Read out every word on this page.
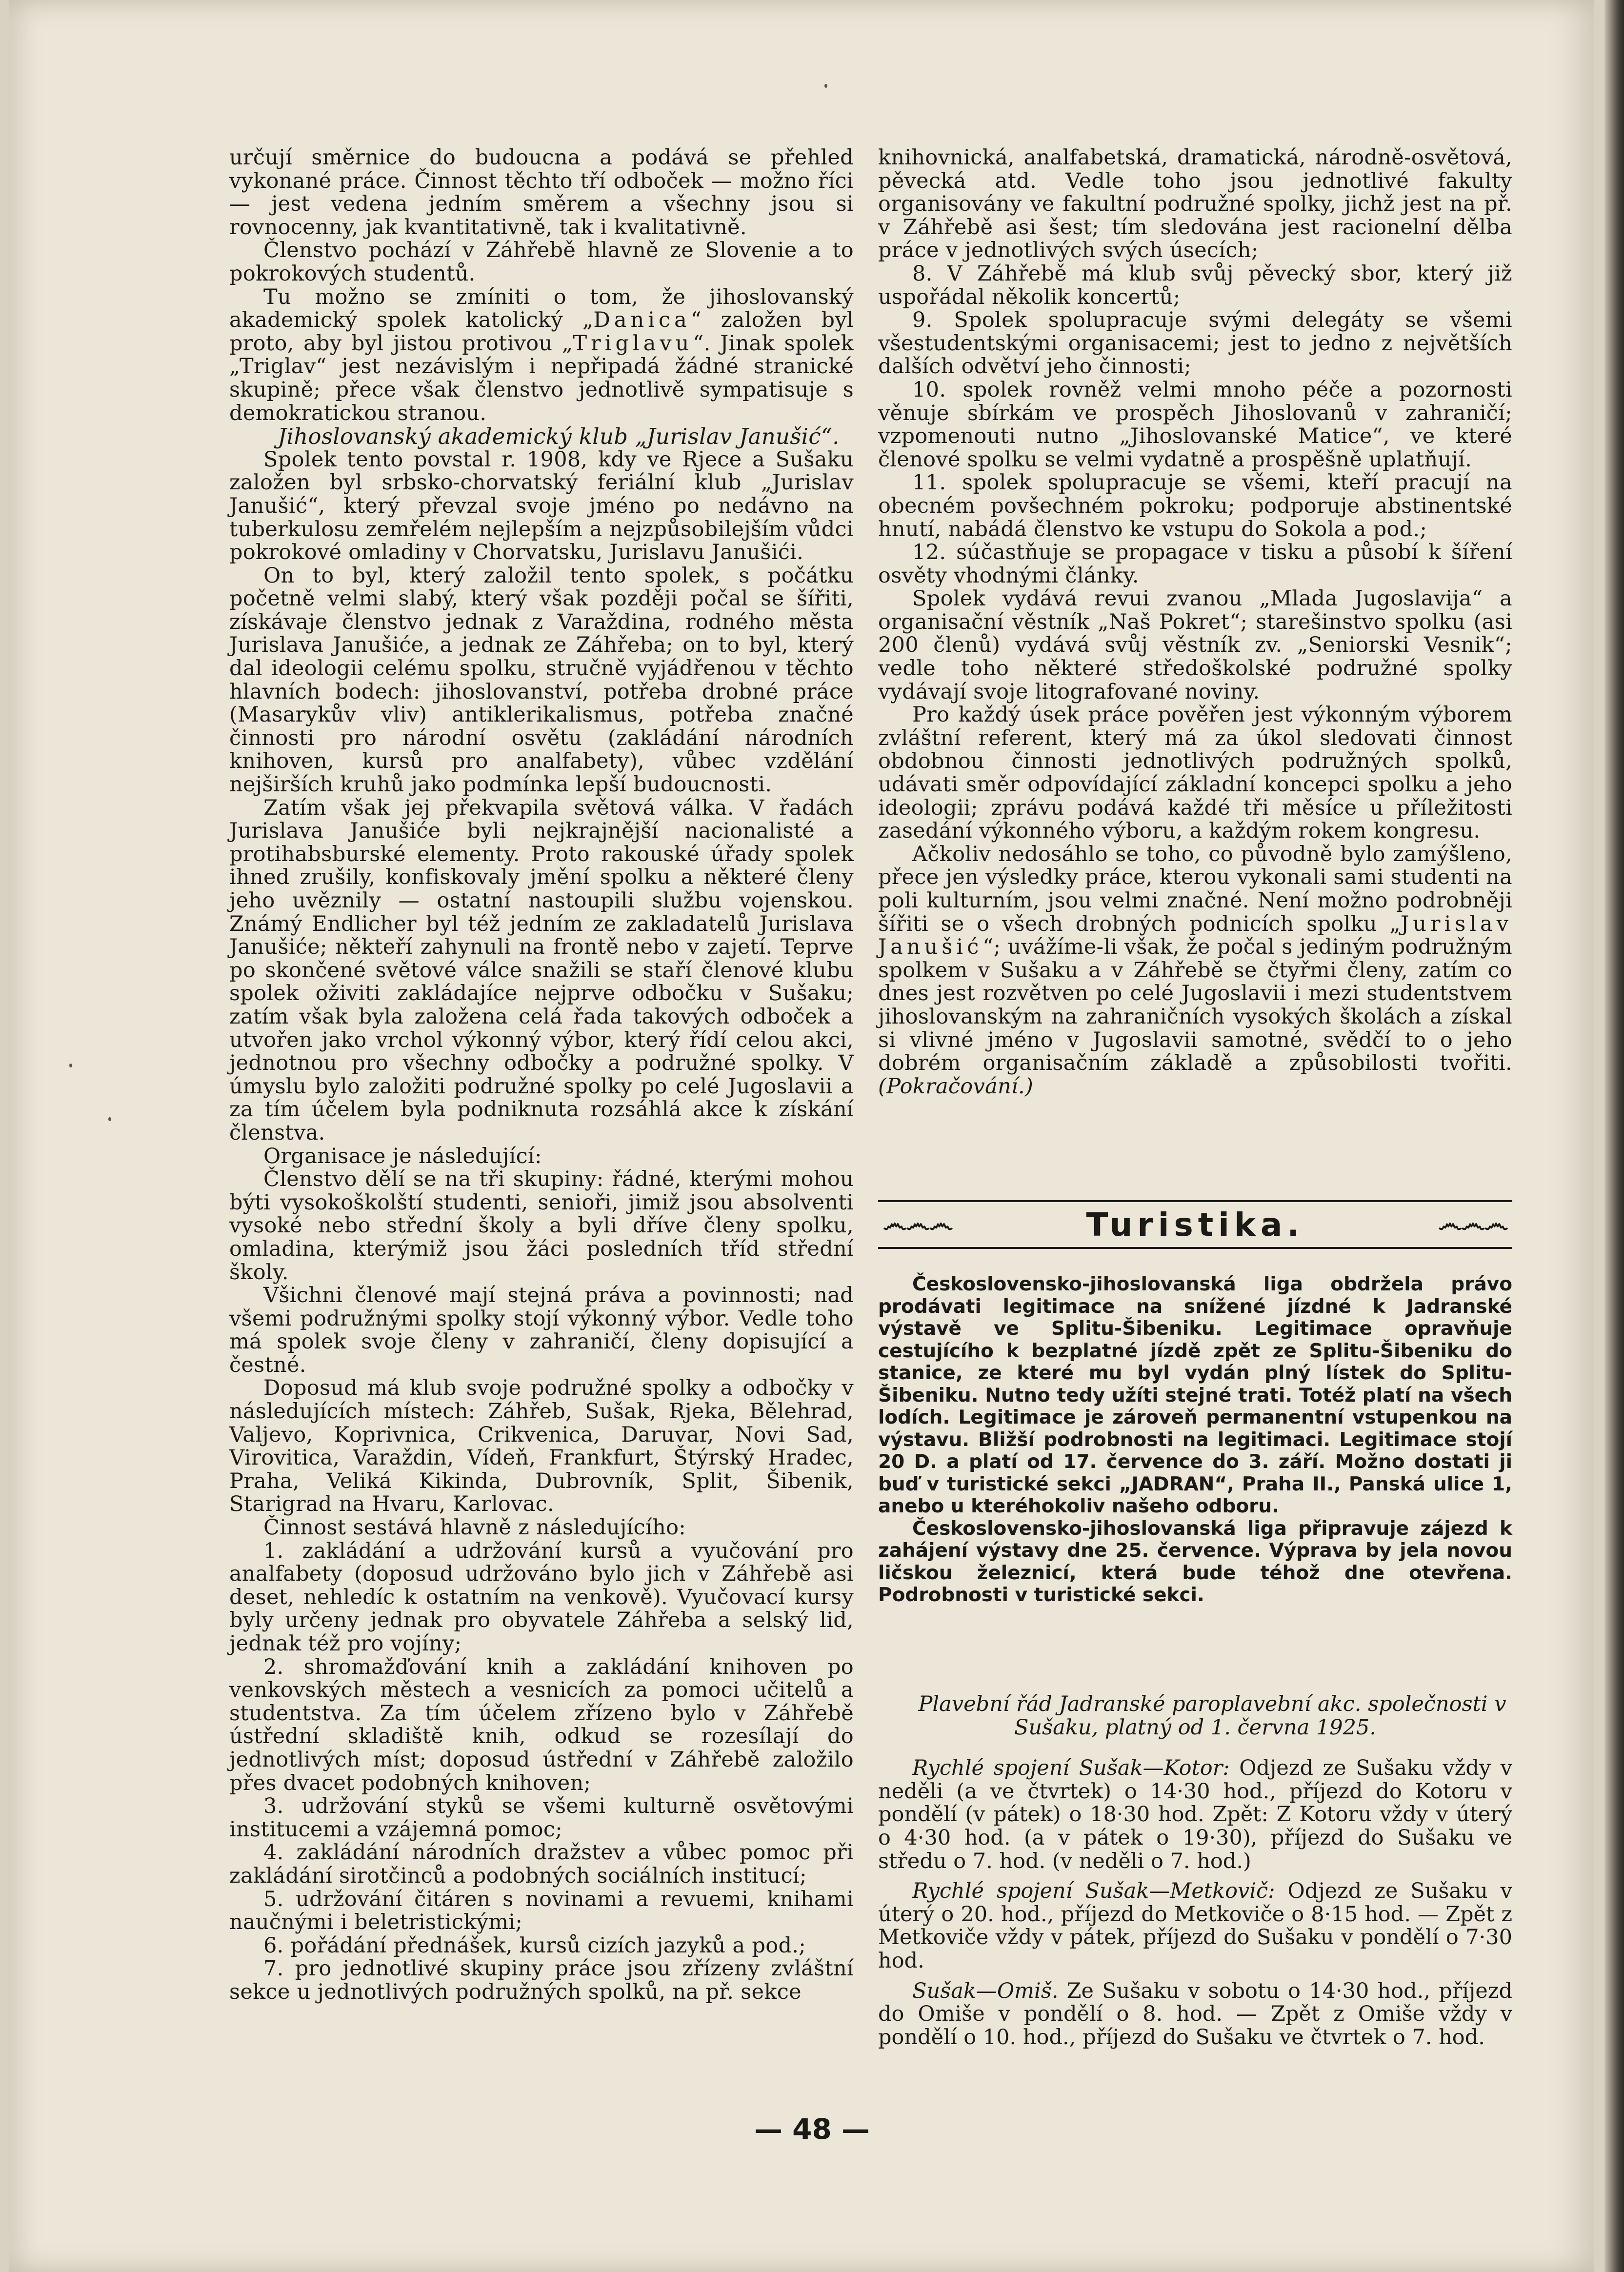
určují směrnice do budoucna a podává se přehled vykonané práce. Činnost těchto tří odboček — možno říci — jest vedena jedním směrem a všechny jsou si rovnocenny, jak kvantitativně, tak i kvalitativně.

Členstvo pochází v Záhřebě hlavně ze Slovenie a to pokrokových studentů.

Tu možno se zmíniti o tom, že jihoslovanský akademický spolek katolický „Danica“ založen byl proto, aby byl jistou protivou „Triglavu“. Jinak spolek „Triglav“ jest nezávislým i nepřipadá žádné stranické skupině; přece však členstvo jednotlivě sympatisuje s demokratickou stranou.

Jihoslovanský akademický klub „Jurislav Janušić“.

Spolek tento povstal r. 1908, kdy ve Rjece a Sušaku založen byl srbsko-chorvatský feriální klub „Jurislav Janušić“, který převzal svoje jméno po nedávno na tuberkulosu zemřelém nejlepším a nejzpůsobilejším vůdci pokrokové omladiny v Chorvatsku, Jurislavu Janušići.

On to byl, který založil tento spolek, s počátku početně velmi slabý, který však později počal se šířiti, získávaje členstvo jednak z Varaždina, rodného města Jurislava Janušiće, a jednak ze Záhřeba; on to byl, který dal ideologii celému spolku, stručně vyjádřenou v těchto hlavních bodech: jihoslovanství, potřeba drobné práce (Masarykův vliv) antiklerikalismus, potřeba značné činnosti pro národní osvětu (zakládání národních knihoven, kursů pro analfabety), vůbec vzdělání nejširších kruhů jako podmínka lepší budoucnosti.

Zatím však jej překvapila světová válka. V řadách Jurislava Janušiće byli nejkrajnější nacionalisté a protihabsburské elementy. Proto rakouské úřady spolek ihned zrušily, konfiskovaly jmění spolku a některé členy jeho uvěznily — ostatní nastoupili službu vojenskou. Známý Endlicher byl též jedním ze zakladatelů Jurislava Janušiće; někteří zahynuli na frontě nebo v zajetí. Teprve po skončené světové válce snažili se staří členové klubu spolek oživiti zakládajíce nejprve odbočku v Sušaku; zatím však byla založena celá řada takových odboček a utvořen jako vrchol výkonný výbor, který řídí celou akci, jednotnou pro všechny odbočky a podružné spolky. V úmyslu bylo založiti podružné spolky po celé Jugoslavii a za tím účelem byla podniknuta rozsáhlá akce k získání členstva.

Organisace je následující:

Členstvo dělí se na tři skupiny: řádné, kterými mohou býti vysokoškolští studenti, senioři, jimiž jsou absolventi vysoké nebo střední školy a byli dříve členy spolku, omladina, kterýmiž jsou žáci posledních tříd střední školy.

Všichni členové mají stejná práva a povinnosti; nad všemi podružnými spolky stojí výkonný výbor. Vedle toho má spolek svoje členy v zahraničí, členy dopisující a čestné.

Doposud má klub svoje podružné spolky a odbočky v následujících místech: Záhřeb, Sušak, Rjeka, Bělehrad, Valjevo, Koprivnica, Crikvenica, Daruvar, Novi Sad, Virovitica, Varaždin, Vídeň, Frankfurt, Štýrský Hradec, Praha, Veliká Kikinda, Dubrovník, Split, Šibenik, Starigrad na Hvaru, Karlovac.

Činnost sestává hlavně z následujícího:

1. zakládání a udržování kursů a vyučování pro analfabety (doposud udržováno bylo jich v Záhřebě asi deset, nehledíc k ostatním na venkově). Vyučovací kursy byly určeny jednak pro obyvatele Záhřeba a selský lid, jednak též pro vojíny;

2. shromažďování knih a zakládání knihoven po venkovských městech a vesnicích za pomoci učitelů a studentstva. Za tím účelem zřízeno bylo v Záhřebě ústřední skladiště knih, odkud se rozesílají do jednotlivých míst; doposud ústřední v Záhřebě založilo přes dvacet podobných knihoven;

3. udržování styků se všemi kulturně osvětovými institucemi a vzájemná pomoc;

4. zakládání národních dražstev a vůbec pomoc při zakládání sirotčinců a podobných sociálních institucí;

5. udržování čitáren s novinami a revuemi, knihami naučnými i beletristickými;

6. pořádání přednášek, kursů cizích jazyků a pod.;

7. pro jednotlivé skupiny práce jsou zřízeny zvláštní sekce u jednotlivých podružných spolků, na př. sekce

knihovnická, analfabetská, dramatická, národně-osvětová, pěvecká atd. Vedle toho jsou jednotlivé fakulty organisovány ve fakultní podružné spolky, jichž jest na př. v Záhřebě asi šest; tím sledována jest racionelní dělba práce v jednotlivých svých úsecích;

8. V Záhřebě má klub svůj pěvecký sbor, který již uspořádal několik koncertů;

9. Spolek spolupracuje svými delegáty se všemi všestudentskými organisacemi; jest to jedno z největších dalších odvětví jeho činnosti;

10. spolek rovněž velmi mnoho péče a pozornosti věnuje sbírkám ve prospěch Jihoslovanů v zahraničí; vzpomenouti nutno „Jihoslovanské Matice“, ve které členové spolku se velmi vydatně a prospěšně uplatňují.

11. spolek spolupracuje se všemi, kteří pracují na obecném povšechném pokroku; podporuje abstinentské hnutí, nabádá členstvo ke vstupu do Sokola a pod.;

12. súčastňuje se propagace v tisku a působí k šíření osvěty vhodnými články.

Spolek vydává revui zvanou „Mlada Jugoslavija“ a organisační věstník „Naš Pokret“; starešinstvo spolku (asi 200 členů) vydává svůj věstník zv. „Seniorski Vesnik“; vedle toho některé středoškolské podružné spolky vydávají svoje litografované noviny.

Pro každý úsek práce pověřen jest výkonným výborem zvláštní referent, který má za úkol sledovati činnost obdobnou činnosti jednotlivých podružných spolků, udávati směr odpovídající základní koncepci spolku a jeho ideologii; zprávu podává každé tři měsíce u příležitosti zasedání výkonného výboru, a každým rokem kongresu.

Ačkoliv nedosáhlo se toho, co původně bylo zamýšleno, přece jen výsledky práce, kterou vykonali sami studenti na poli kulturním, jsou velmi značné. Není možno podrobněji šířiti se o všech drobných podnicích spolku „Jurislav Janušić“; uvážíme-li však, že počal s jediným podružným spolkem v Sušaku a v Záhřebě se čtyřmi členy, zatím co dnes jest rozvětven po celé Jugoslavii i mezi studentstvem jihoslovanským na zahraničních vysokých školách a získal si vlivné jméno v Jugoslavii samotné, svědčí to o jeho dobrém organisačním základě a způsobilosti tvořiti. (Pokračování.)

෴෴෴	Turistika.	෴෴෴

Československo-jihoslovanská liga obdržela právo prodávati legitimace na snížené jízdné k Jadranské výstavě ve Splitu-Šibeniku. Legitimace opravňuje cestujícího k bezplatné jízdě zpět ze Splitu-Šibeniku do stanice, ze které mu byl vydán plný lístek do Splitu-Šibeniku. Nutno tedy užíti stejné trati. Totéž platí na všech lodích. Legitimace je zároveň permanentní vstupenkou na výstavu. Bližší podrobnosti na legitimaci. Legitimace stojí 20 D. a platí od 17. července do 3. září. Možno dostati ji buď v turistické sekci „JADRAN“, Praha II., Panská ulice 1, anebo u kteréhokoliv našeho odboru.

Československo-jihoslovanská liga připravuje zájezd k zahájení výstavy dne 25. července. Výprava by jela novou ličskou železnicí, která bude téhož dne otevřena. Podrobnosti v turistické sekci.

Plavební řád Jadranské paroplavební akc. společnosti v Sušaku, platný od 1. června 1925.

Rychlé spojení Sušak—Kotor: Odjezd ze Sušaku vždy v neděli (a ve čtvrtek) o 14·30 hod., příjezd do Kotoru v pondělí (v pátek) o 18·30 hod. Zpět: Z Kotoru vždy v úterý o 4·30 hod. (a v pátek o 19·30), příjezd do Sušaku ve středu o 7. hod. (v neděli o 7. hod.)

Rychlé spojení Sušak—Metkovič: Odjezd ze Sušaku v úterý o 20. hod., příjezd do Metkoviče o 8·15 hod. — Zpět z Metkoviče vždy v pátek, příjezd do Sušaku v pondělí o 7·30 hod.

Sušak—Omiš. Ze Sušaku v sobotu o 14·30 hod., příjezd do Omiše v pondělí o 8. hod. — Zpět z Omiše vždy v pondělí o 10. hod., příjezd do Sušaku ve čtvrtek o 7. hod.

— 48 —
